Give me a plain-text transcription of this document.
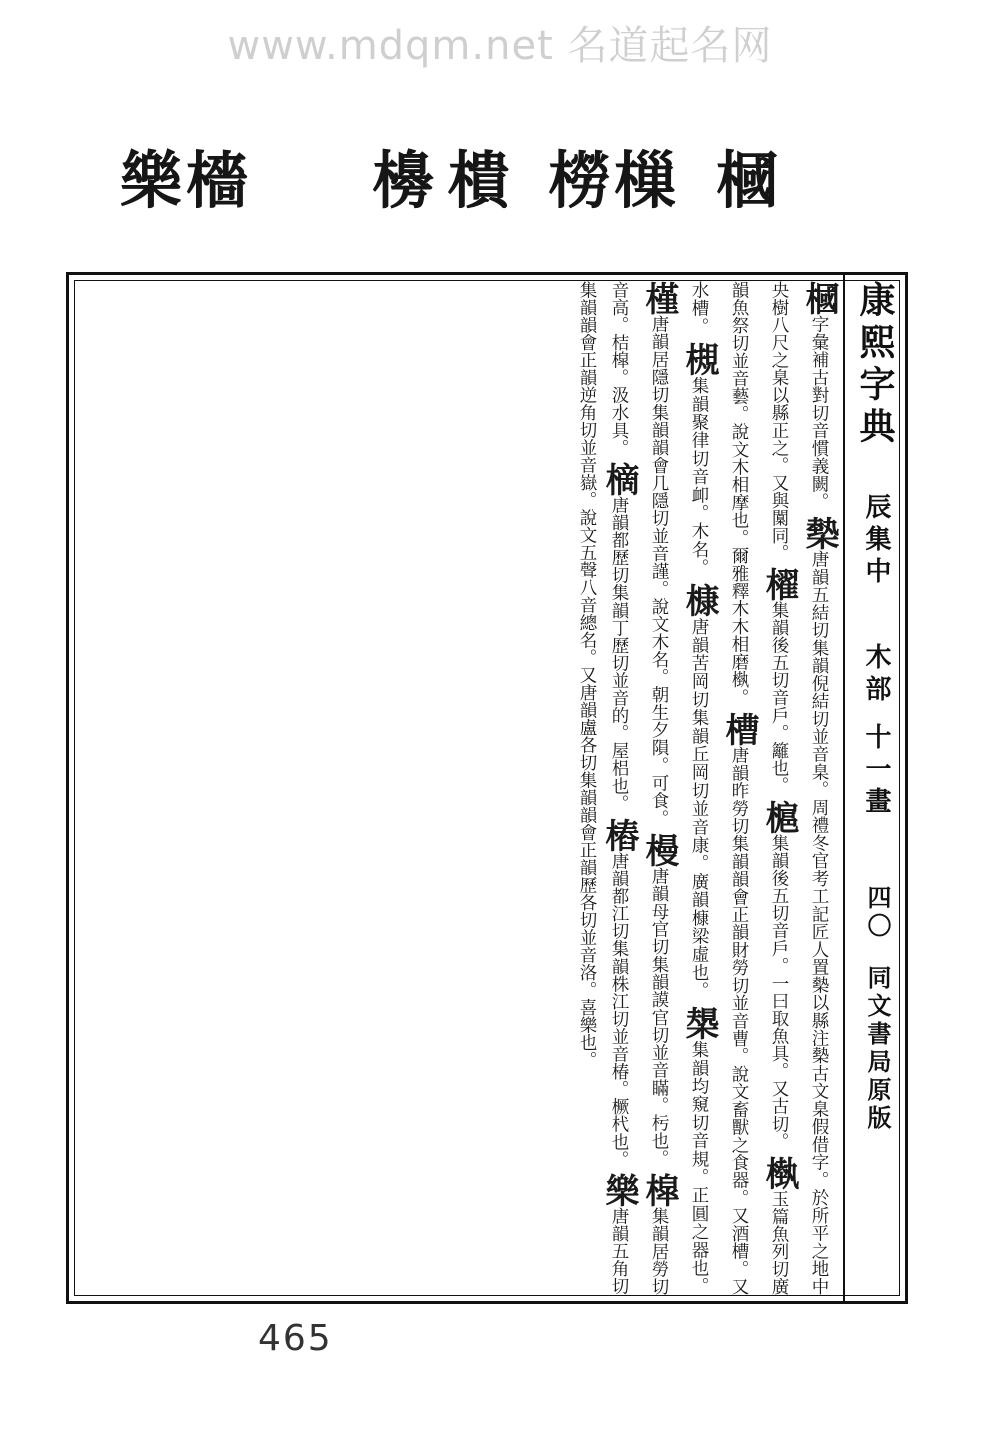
www.mdqm.net 名道起名网
樂檣 櫋 樻 橯樔 槶
康熙字典
辰集中
木部
十一畫
四〇
同文書局原版
槶字彙補古對切音慣義闕。 槷唐韻五結切集韻倪結切並音臬。周禮冬官考工記匠人置槷以縣注槷古文臬假借字。於所平之地中央樹八尺之臬以縣正之。又與闑同。 櫂集韻後五切音戶。籬也。 槴集韻後五切音戶。一曰取魚具。又古切。 槸玉篇魚列切廣韻魚祭切並音藝。說文木相摩也。爾雅釋木木相磨槸。 槽唐韻昨勞切集韻韻會正韻財勞切並音曹。說文畜獸之食器。又酒槽。又水槽。 槻集韻聚律切音卹。木名。 槺唐韻苦岡切集韻丘岡切並音康。廣韻槺梁虛也。 槼集韻均窺切音規。正圓之器也。 槿唐韻居隱切集韻韻會几隱切並音謹。說文木名。朝生夕隕。可食。 槾唐韻母官切集韻謨官切並音瞞。杇也。 槹集韻居勞切音高。桔槹。汲水具。 樀唐韻都歷切集韻丁歷切並音的。屋梠也。 樁唐韻都江切集韻株江切並音椿。橛杙也。 樂唐韻五角切集韻韻會正韻逆角切並音嶽。說文五聲八音總名。又唐韻盧各切集韻韻會正韻歷各切並音洛。喜樂也。
465
